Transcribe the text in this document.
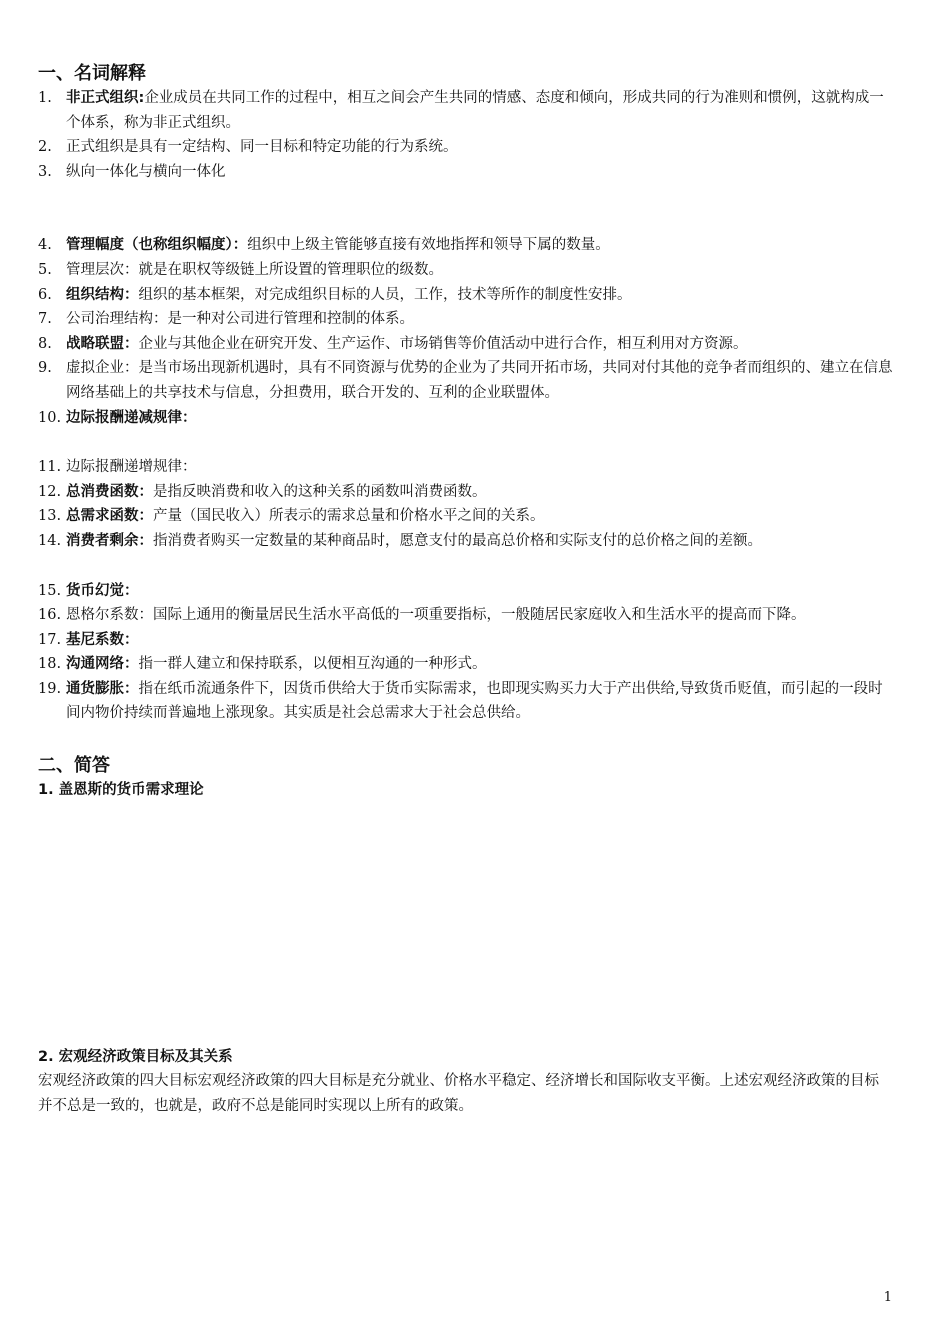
一、名词解释
1. 非正式组织:企业成员在共同工作的过程中，相互之间会产生共同的情感、态度和倾向，形成共同的行为准则和惯例，这就构成一个体系，称为非正式组织。
2. 正式组织是具有一定结构、同一目标和特定功能的行为系统。
3. 纵向一体化与横向一体化
4. 管理幅度（也称组织幅度）：组织中上级主管能够直接有效地指挥和领导下属的数量。
5. 管理层次：就是在职权等级链上所设置的管理职位的级数。
6. 组织结构：组织的基本框架，对完成组织目标的人员，工作，技术等所作的制度性安排。
7. 公司治理结构：是一种对公司进行管理和控制的体系。
8. 战略联盟：企业与其他企业在研究开发、生产运作、市场销售等价值活动中进行合作，相互利用对方资源。
9. 虚拟企业：是当市场出现新机遇时，具有不同资源与优势的企业为了共同开拓市场，共同对付其他的竞争者而组织的、建立在信息网络基础上的共享技术与信息，分担费用，联合开发的、互利的企业联盟体。
10. 边际报酬递减规律：
11. 边际报酬递增规律：
12. 总消费函数：是指反映消费和收入的这种关系的函数叫消费函数。
13. 总需求函数：产量（国民收入）所表示的需求总量和价格水平之间的关系。
14. 消费者剩余：指消费者购买一定数量的某种商品时，愿意支付的最高总价格和实际支付的总价格之间的差额。
15. 货币幻觉：
16. 恩格尔系数：国际上通用的衡量居民生活水平高低的一项重要指标，一般随居民家庭收入和生活水平的提高而下降。
17. 基尼系数：
18. 沟通网络：指一群人建立和保持联系，以便相互沟通的一种形式。
19. 通货膨胀：指在纸币流通条件下，因货币供给大于货币实际需求，也即现实购买力大于产出供给,导致货币贬值，而引起的一段时间内物价持续而普遍地上涨现象。其实质是社会总需求大于社会总供给。
二、简答
1. 盖恩斯的货币需求理论
2. 宏观经济政策目标及其关系
宏观经济政策的四大目标宏观经济政策的四大目标是充分就业、价格水平稳定、经济增长和国际收支平衡。上述宏观经济政策的目标并不总是一致的，也就是，政府不总是能同时实现以上所有的政策。
1
